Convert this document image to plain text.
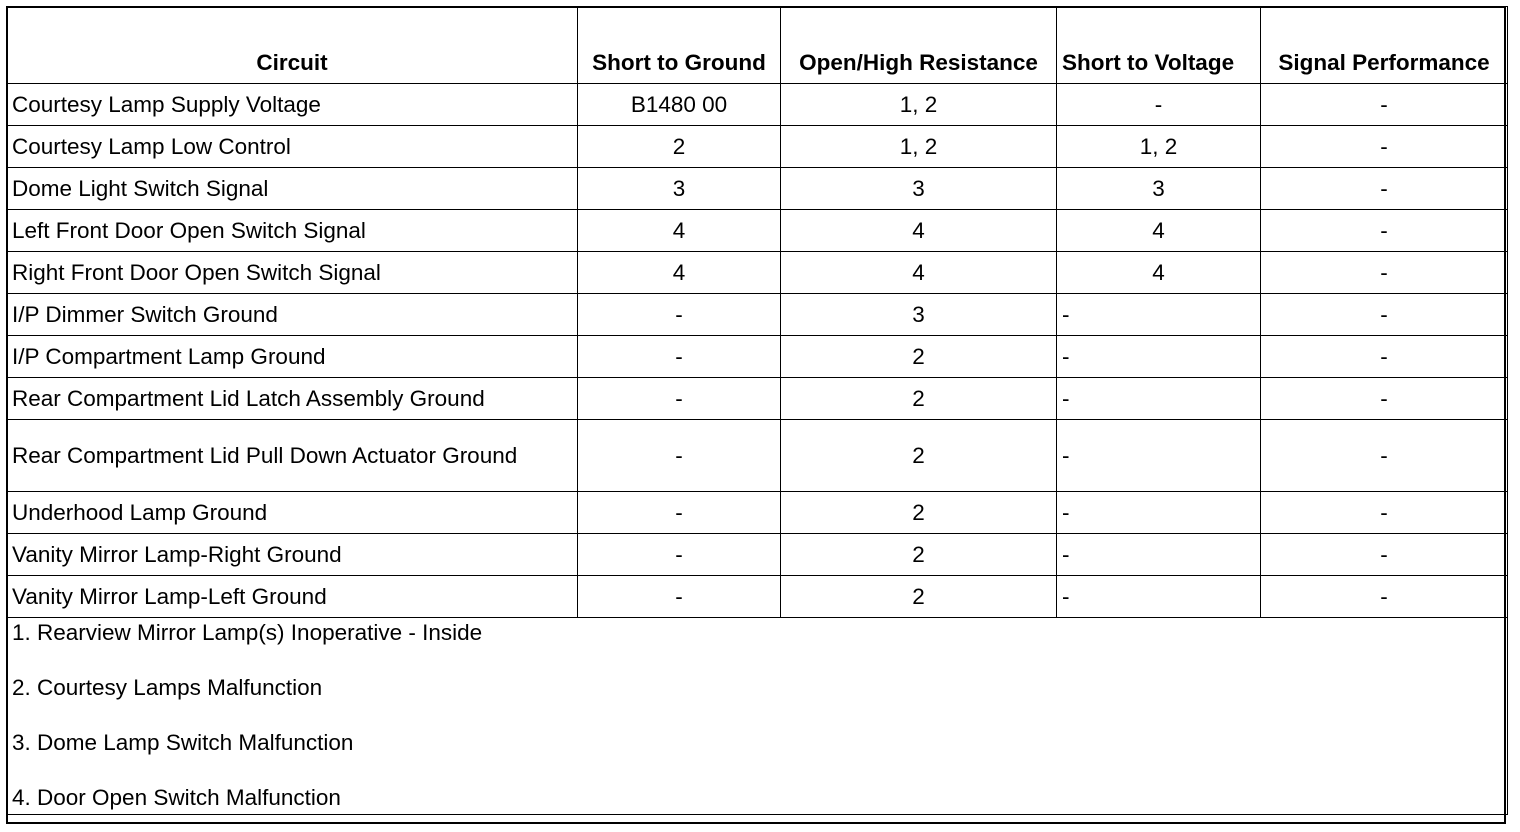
Circuit	Short to Ground	Open/High Resistance	Short to Voltage	Signal Performance
Courtesy Lamp Supply Voltage	B1480 00	1, 2	-	-
Courtesy Lamp Low Control	2	1, 2	1, 2	-
Dome Light Switch Signal	3	3	3	-
Left Front Door Open Switch Signal	4	4	4	-
Right Front Door Open Switch Signal	4	4	4	-
I/P Dimmer Switch Ground	-	3	-	-
I/P Compartment Lamp Ground	-	2	-	-
Rear Compartment Lid Latch Assembly Ground	-	2	-	-
Rear Compartment Lid Pull Down Actuator Ground	-	2	-	-
Underhood Lamp Ground	-	2	-	-
Vanity Mirror Lamp-Right Ground	-	2	-	-
Vanity Mirror Lamp-Left Ground	-	2	-	-

1. Rearview Mirror Lamp(s) Inoperative - Inside
2. Courtesy Lamps Malfunction
3. Dome Lamp Switch Malfunction
4. Door Open Switch Malfunction				
